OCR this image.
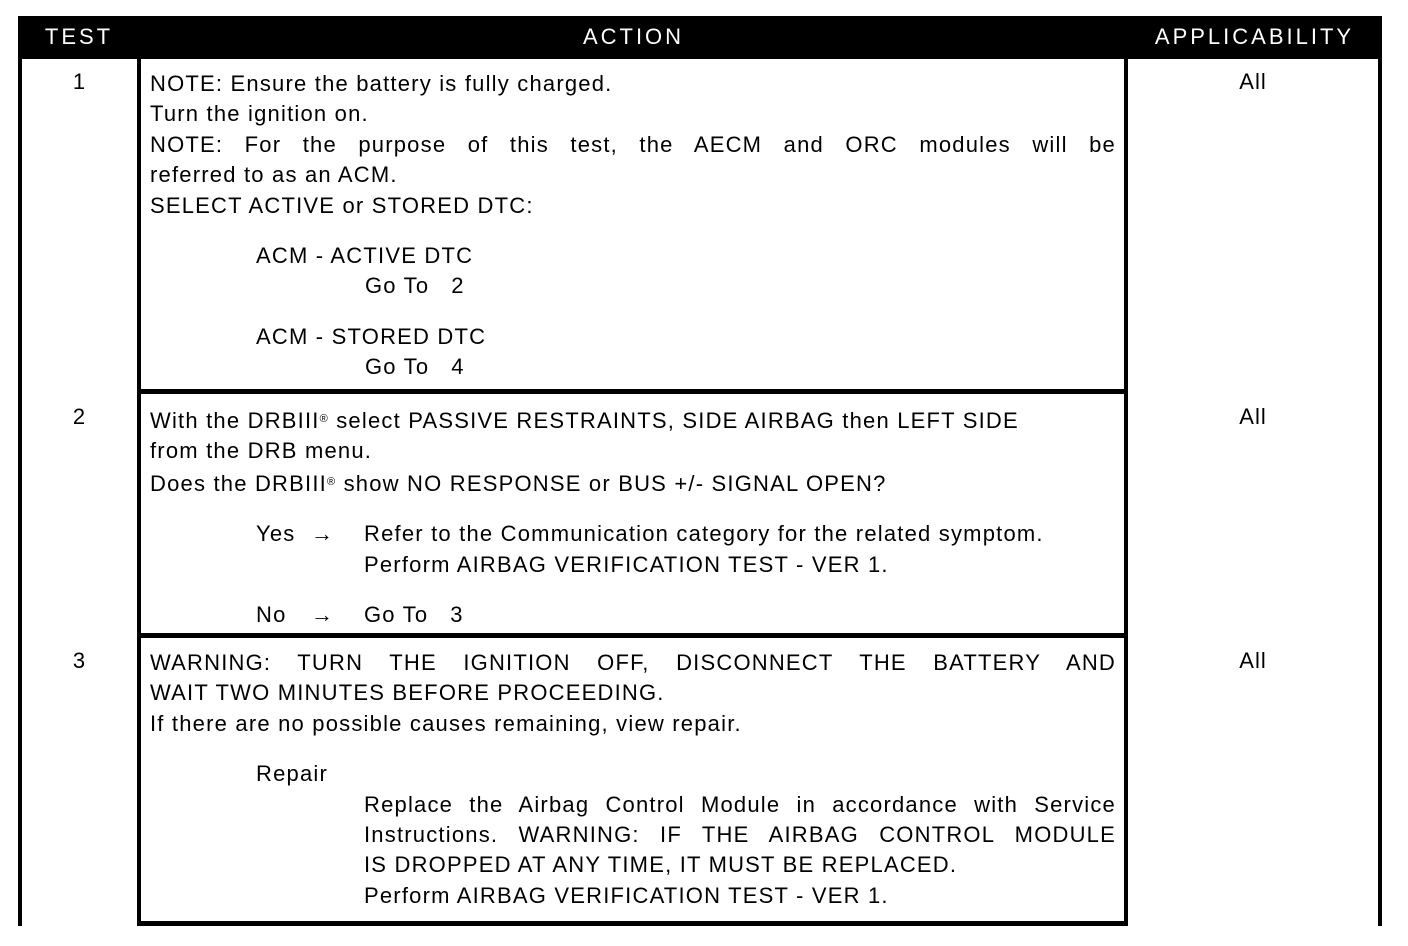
TEST	ACTION	APPLICABILITY
1	NOTE: Ensure the battery is fully charged.

Turn the ignition on.

NOTE: For the purpose of this test, the AECM and ORC modules will be

referred to as an ACM.

SELECT ACTIVE or STORED DTC:

ACM - ACTIVE DTC

Go To   2

ACM - STORED DTC

Go To   4

All
2	With the DRBIII® select PASSIVE RESTRAINTS, SIDE AIRBAG then LEFT SIDE

from the DRB menu.

Does the DRBIII® show NO RESPONSE or BUS +/- SIGNAL OPEN?

Yes →	Refer to the Communication category for the related symptom.

Perform AIRBAG VERIFICATION TEST - VER 1.

No	→	Go To   3
All
3	WARNING: TURN THE IGNITION OFF, DISCONNECT THE BATTERY AND

WAIT TWO MINUTES BEFORE PROCEEDING.

If there are no possible causes remaining, view repair.

Repair

Replace the Airbag Control Module in accordance with Service

Instructions. WARNING: IF THE AIRBAG CONTROL MODULE

IS DROPPED AT ANY TIME, IT MUST BE REPLACED.

Perform AIRBAG VERIFICATION TEST - VER 1.

All
